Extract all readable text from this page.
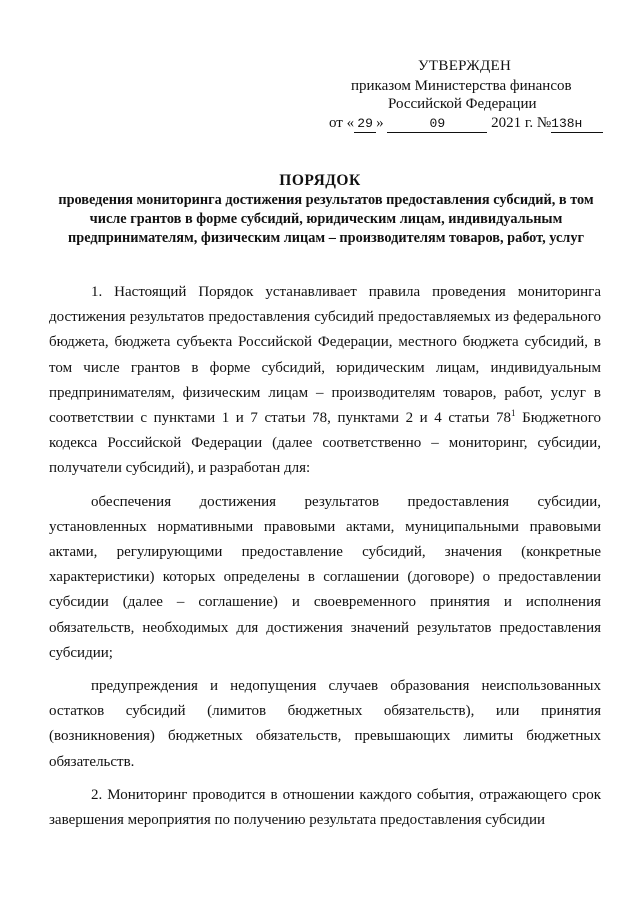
УТВЕРЖДЕН
приказом Министерства финансов
Российской Федерации
от « 29 »	09	2021 г. №138н
ПОРЯДОК
проведения мониторинга достижения результатов предоставления субсидий, в том числе грантов в форме субсидий, юридическим лицам, индивидуальным предпринимателям, физическим лицам – производителям товаров, работ, услуг

1. Настоящий Порядок устанавливает правила проведения мониторинга достижения результатов предоставления субсидий предоставляемых из федерального бюджета, бюджета субъекта Российской Федерации, местного бюджета субсидий, в том числе грантов в форме субсидий, юридическим лицам, индивидуальным предпринимателям, физическим лицам – производителям товаров, работ, услуг в соответствии с пунктами 1 и 7 статьи 78, пунктами 2 и 4 статьи $78^1$ Бюджетного кодекса Российской Федерации (далее соответственно – мониторинг, субсидии, получатели субсидий), и разработан для:

обеспечения достижения результатов предоставления субсидии, установленных нормативными правовыми актами, муниципальными правовыми актами, регулирующими предоставление субсидий, значения (конкретные характеристики) которых определены в соглашении (договоре) о предоставлении субсидии (далее – соглашение) и своевременного принятия и исполнения обязательств, необходимых для достижения значений результатов предоставления субсидии;

предупреждения и недопущения случаев образования неиспользованных остатков субсидий (лимитов бюджетных обязательств), или принятия (возникновения) бюджетных обязательств, превышающих лимиты бюджетных обязательств.

2. Мониторинг проводится в отношении каждого события, отражающего срок завершения мероприятия по получению результата предоставления субсидии
